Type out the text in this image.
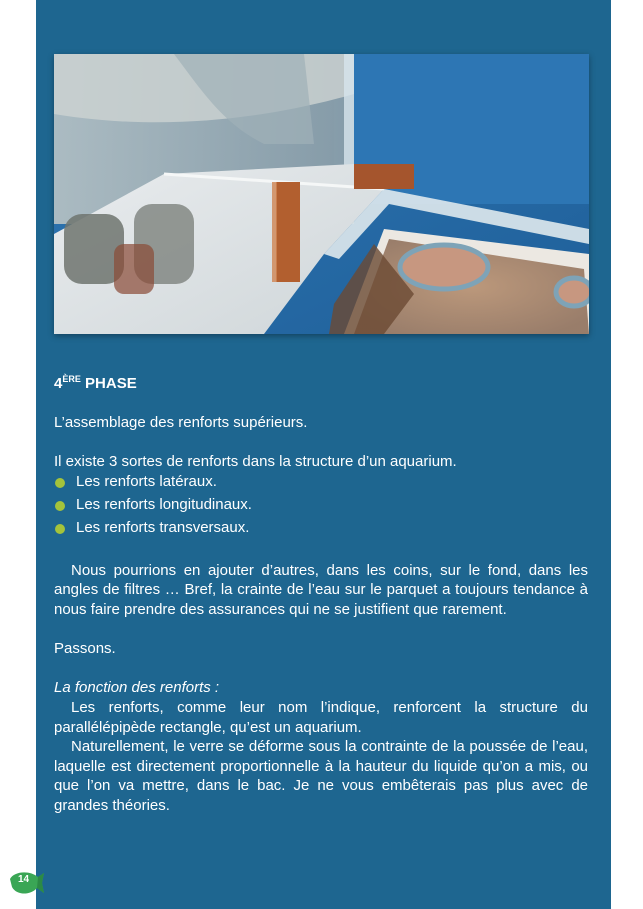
4ÈRE PHASE

L’assemblage des renforts supérieurs.

Il existe 3 sortes de renforts dans la structure d’un aquarium.

Les renforts latéraux.
Les renforts longitudinaux.
Les renforts transversaux.

Nous pourrions en ajouter d’autres, dans les coins, sur le fond, dans les angles de filtres … Bref, la crainte de l’eau sur le parquet a toujours tendance à nous faire prendre des assurances qui ne se justifient que rarement.

Passons.

La fonction des renforts :

Les renforts, comme leur nom l’indique, renforcent la structure du parallélépipède rectangle, qu’est un aquarium.

Naturellement, le verre se déforme sous la contrainte de la poussée de l’eau, laquelle est directement proportionnelle à la hauteur du liquide qu’on a mis, ou que l’on va mettre, dans le bac. Je ne vous embêterais pas plus avec de grandes théories.

14
